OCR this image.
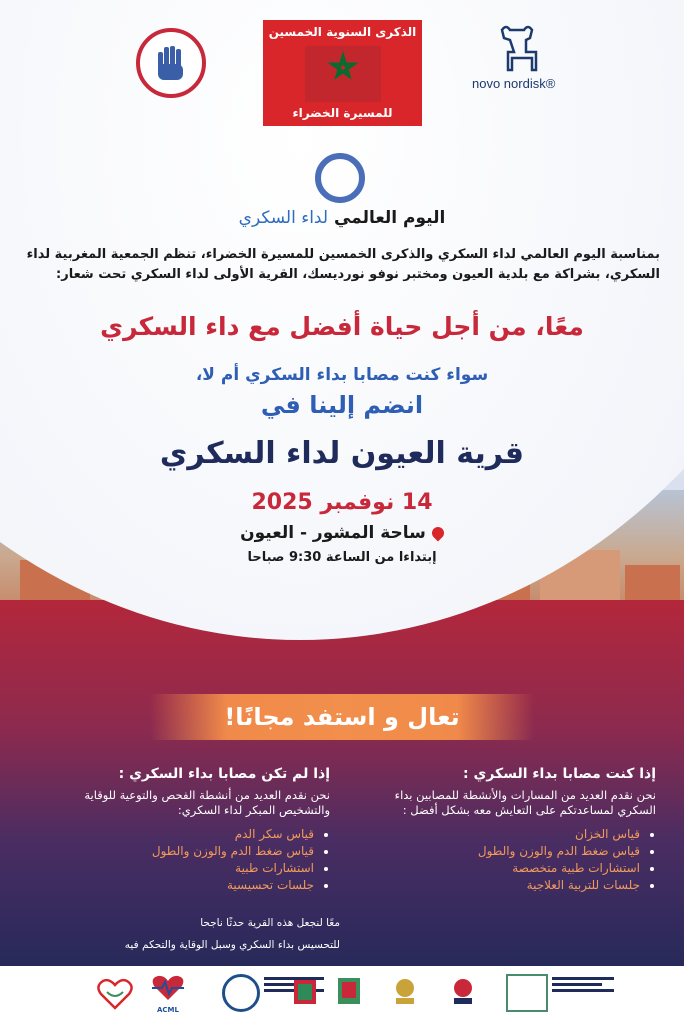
الذكرى السنوية الخمسين
للمسيرة الخضراء
novo nordisk®
اليوم العالمي لداء السكري
بمناسبة اليوم العالمي لداء السكري والذكرى الخمسين للمسيرة الخضراء، تنظم الجمعية المغربية لداء السكري، بشراكة مع بلدية العيون ومختبر نوفو نورديسك، القرية الأولى لداء السكري تحت شعار:
معًا، من أجل حياة أفضل مع داء السكري
سواء كنت مصابا بداء السكري أم لا،
انضم إلينا في
قرية العيون لداء السكري
14 نوفمبر 2025
ساحة المشور - العيون
إبتداءا من الساعة 9:30 صباحا
تعال و استفد مجانًا!
إذا كنت مصابا بداء السكري :

نحن نقدم العديد من المسارات والأنشطة للمصابين بداء السكري لمساعدتكم على التعايش معه بشكل أفضل :

• قياس الخزان
• قياس ضغط الدم والوزن والطول
• استشارات طبية متخصصة
• جلسات للتربية العلاجية
إذا لم تكن مصابا بداء السكري :

نحن نقدم العديد من أنشطة الفحص والتوعية للوقاية والتشخيص المبكر لداء السكري:

• قياس سكر الدم
• قياس ضغط الدم والوزن والطول
• استشارات طبية
• جلسات تحسيسية
معًا لنجعل هذه القرية حدثًا ناجحا
للتحسيس بداء السكري وسبل الوقاية والتحكم فيه
ACML
